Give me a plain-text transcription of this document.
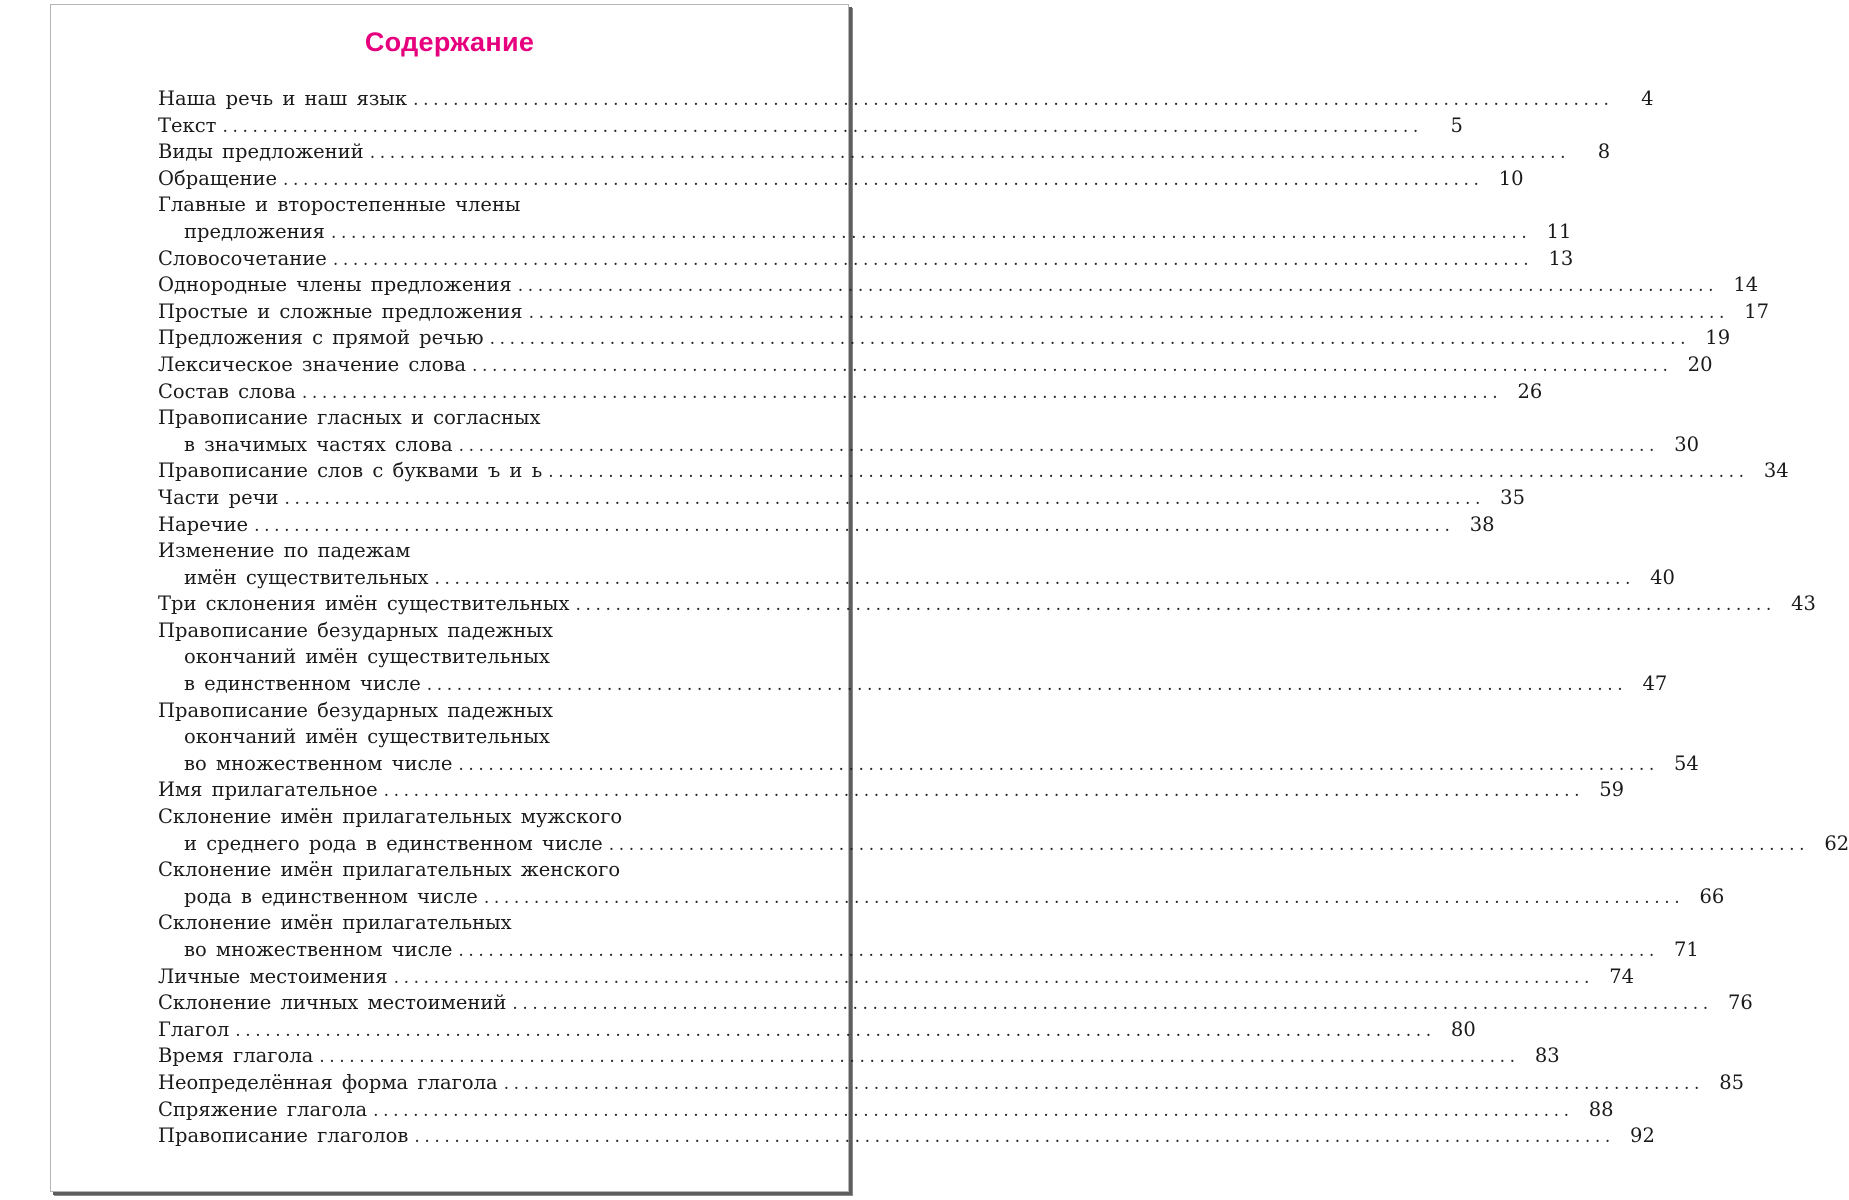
Содержание
Наша речь и наш язык ........................................................................................................................	4
Текст ........................................................................................................................	5
Виды предложений ........................................................................................................................	8
Обращение ........................................................................................................................ 10
Главные и второстепенные члены
предложения ........................................................................................................................ 11
Словосочетание ........................................................................................................................ 13
Однородные члены предложения ........................................................................................................................ 14
Простые и сложные предложения ........................................................................................................................ 17
Предложения с прямой речью ........................................................................................................................ 19
Лексическое значение слова ........................................................................................................................ 20
Состав слова ........................................................................................................................ 26
Правописание гласных и согласных
в значимых частях слова ........................................................................................................................ 30
Правописание слов с буквами ъ и ь ........................................................................................................................ 34
Части речи ........................................................................................................................ 35
Наречие ........................................................................................................................ 38
Изменение по падежам
имён существительных ........................................................................................................................ 40
Три склонения имён существительных ........................................................................................................................ 43
Правописание безударных падежных
окончаний имён существительных
в единственном числе ........................................................................................................................ 47
Правописание безударных падежных
окончаний имён существительных
во множественном числе ........................................................................................................................ 54
Имя прилагательное ........................................................................................................................ 59
Склонение имён прилагательных мужского
и среднего рода в единственном числе ........................................................................................................................ 62
Склонение имён прилагательных женского
рода в единственном числе ........................................................................................................................ 66
Склонение имён прилагательных
во множественном числе ........................................................................................................................ 71
Личные местоимения ........................................................................................................................ 74
Склонение личных местоимений ........................................................................................................................ 76
Глагол ........................................................................................................................ 80
Время глагола ........................................................................................................................ 83
Неопределённая форма глагола ........................................................................................................................ 85
Спряжение глагола ........................................................................................................................ 88
Правописание глаголов ........................................................................................................................ 92
